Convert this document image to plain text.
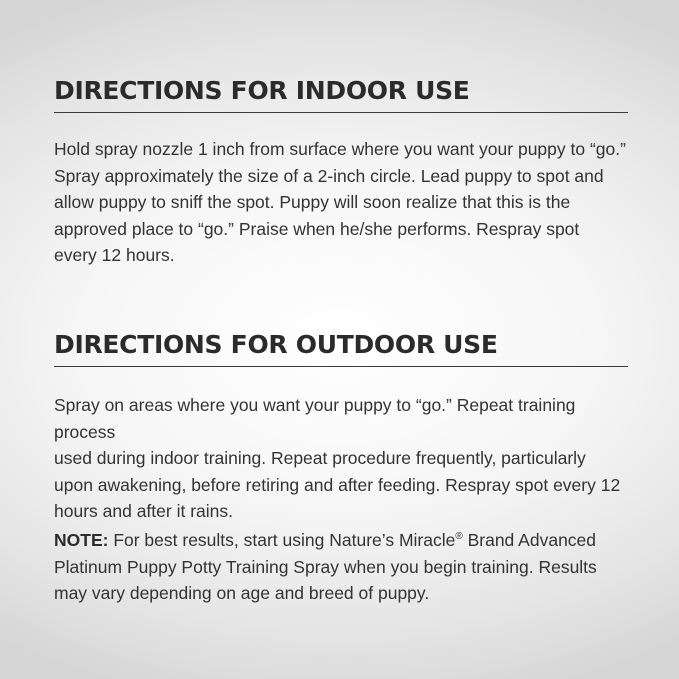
DIRECTIONS FOR INDOOR USE

Hold spray nozzle 1 inch from surface where you want your puppy to “go.”
Spray approximately the size of a 2-inch circle. Lead puppy to spot and
allow puppy to sniff the spot. Puppy will soon realize that this is the
approved place to “go.” Praise when he/she performs. Respray spot
every 12 hours.

DIRECTIONS FOR OUTDOOR USE

Spray on areas where you want your puppy to “go.” Repeat training process
used during indoor training. Repeat procedure frequently, particularly
upon awakening, before retiring and after feeding. Respray spot every 12
hours and after it rains.

NOTE: For best results, start using Nature’s Miracle® Brand Advanced
Platinum Puppy Potty Training Spray when you begin training. Results
may vary depending on age and breed of puppy.
